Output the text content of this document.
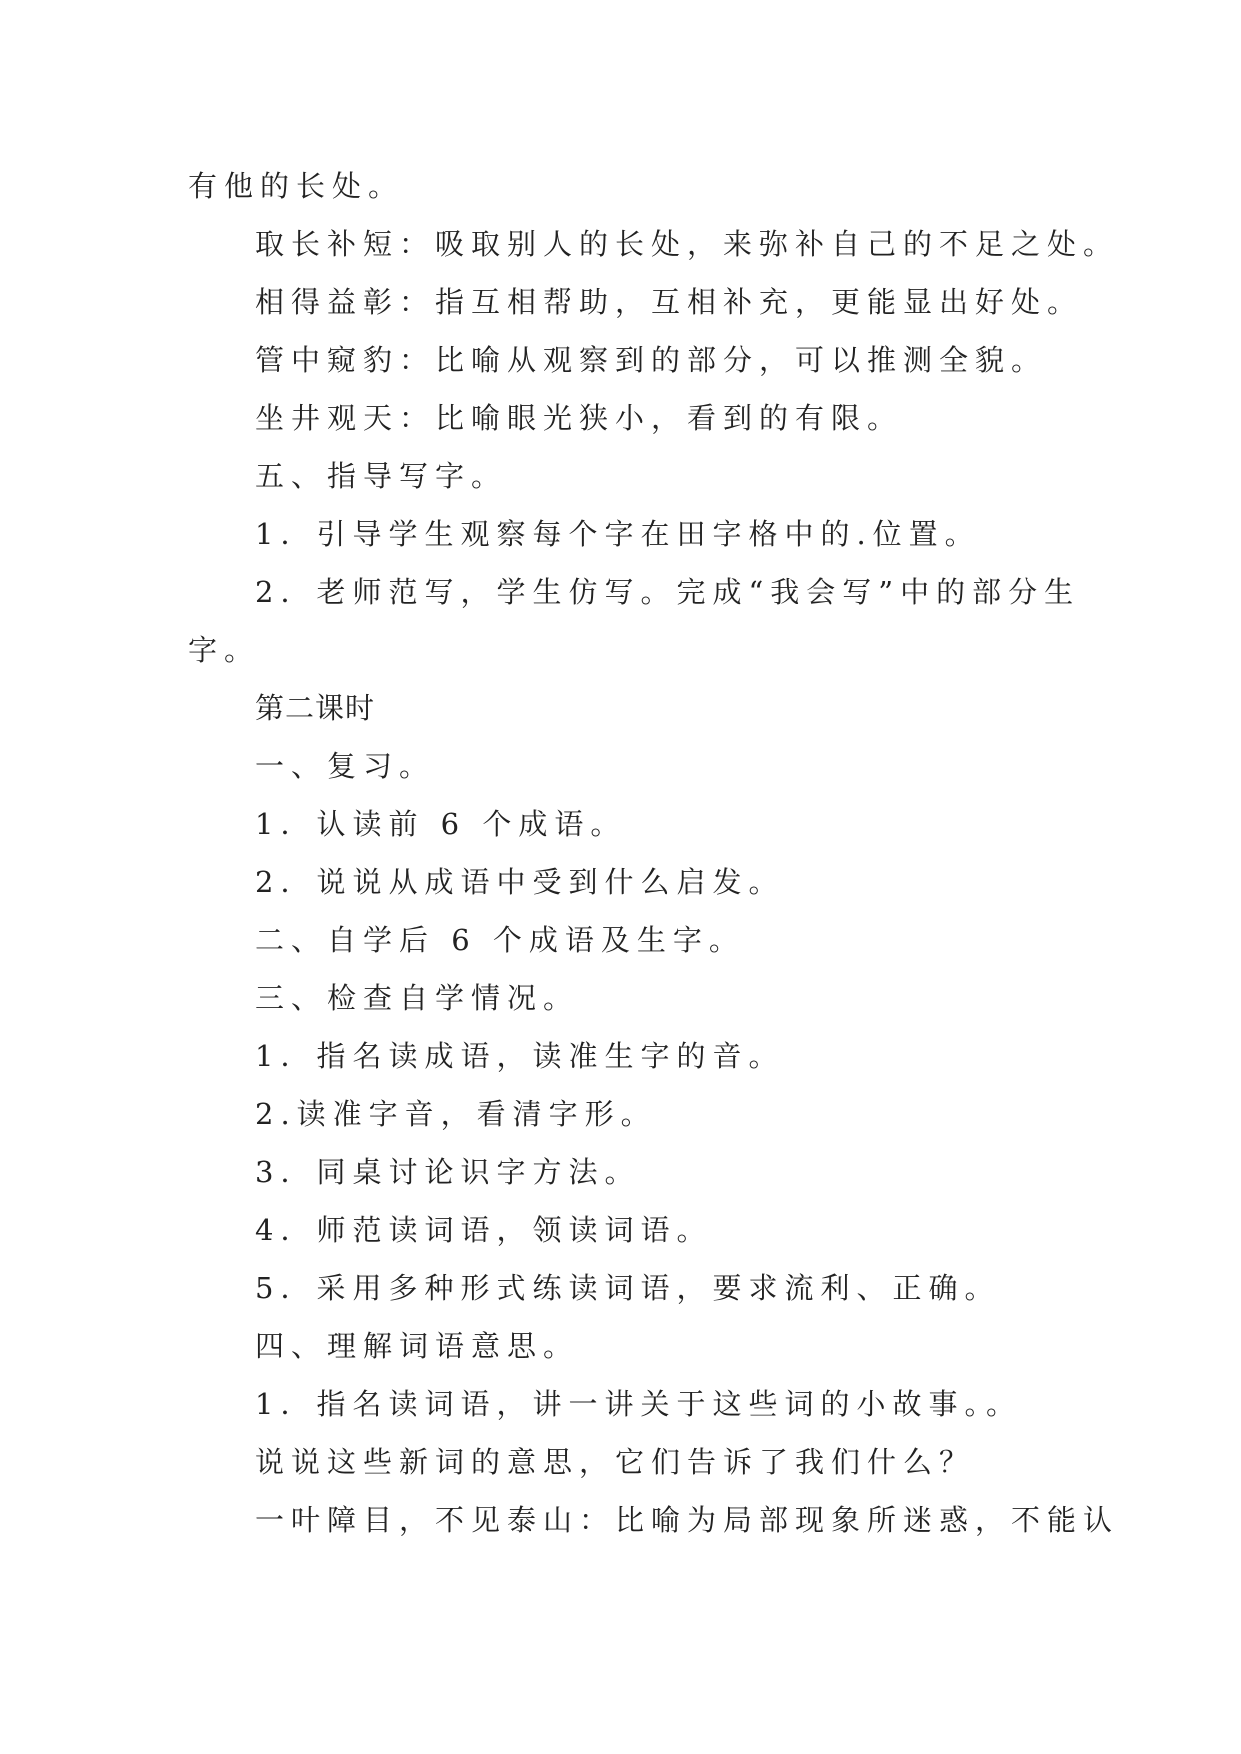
有他的长处。
取长补短：吸取别人的长处，来弥补自己的不足之处。
相得益彰：指互相帮助，互相补充，更能显出好处。
管中窥豹：比喻从观察到的部分，可以推测全貌。
坐井观天：比喻眼光狭小，看到的有限。
五、指导写字。
1．引导学生观察每个字在田字格中的.位置。
2．老师范写，学生仿写。完成“我会写”中的部分生
字。
第二课时
一、复习。
1．认读前 6 个成语。
2．说说从成语中受到什么启发。
二、自学后 6 个成语及生字。
三、检查自学情况。
1．指名读成语，读准生字的音。
2.读准字音，看清字形。
3．同桌讨论识字方法。
4．师范读词语，领读词语。
5．采用多种形式练读词语，要求流利、正确。
四、理解词语意思。
1．指名读词语，讲一讲关于这些词的小故事。。
说说这些新词的意思，它们告诉了我们什么？
一叶障目，不见泰山：比喻为局部现象所迷惑，不能认
